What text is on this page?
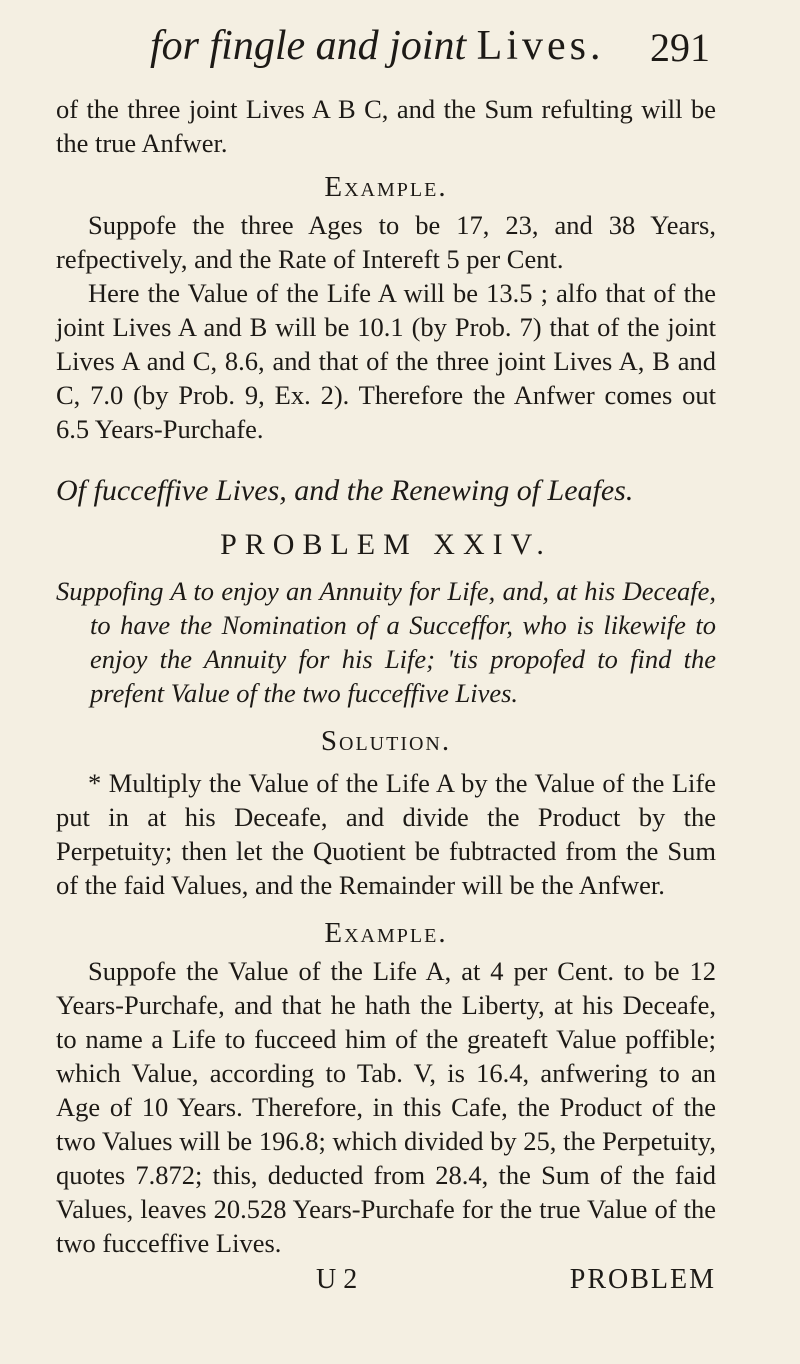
for fingle and joint Lives. 291

of the three joint Lives A B C, and the Sum refulting will be the true Anfwer.

Example.

Suppofe the three Ages to be 17, 23, and 38 Years, refpectively, and the Rate of Intereft 5 per Cent.

Here the Value of the Life A will be 13.5 ; alfo that of the joint Lives A and B will be 10.1 (by Prob. 7) that of the joint Lives A and C, 8.6, and that of the three joint Lives A, B and C, 7.0 (by Prob. 9, Ex. 2). Therefore the Anfwer comes out 6.5 Years-Purchafe.

Of fucceffive Lives, and the Renewing of Leafes.

PROBLEM XXIV.

Suppofing A to enjoy an Annuity for Life, and, at his Deceafe, to have the Nomination of a Succeffor, who is likewife to enjoy the Annuity for his Life; 'tis propofed to find the prefent Value of the two fucceffive Lives.

Solution.

* Multiply the Value of the Life A by the Value of the Life put in at his Deceafe, and divide the Product by the Perpetuity; then let the Quotient be fubtracted from the Sum of the faid Values, and the Remainder will be the Anfwer.

Example.

Suppofe the Value of the Life A, at 4 per Cent. to be 12 Years-Purchafe, and that he hath the Liberty, at his Deceafe, to name a Life to fucceed him of the greateft Value poffible; which Value, according to Tab. V, is 16.4, anfwering to an Age of 10 Years. Therefore, in this Cafe, the Product of the two Values will be 196.8; which divided by 25, the Perpetuity, quotes 7.872; this, deducted from 28.4, the Sum of the faid Values, leaves 20.528 Years-Purchafe for the true Value of the two fucceffive Lives.

U 2	PROBLEM
